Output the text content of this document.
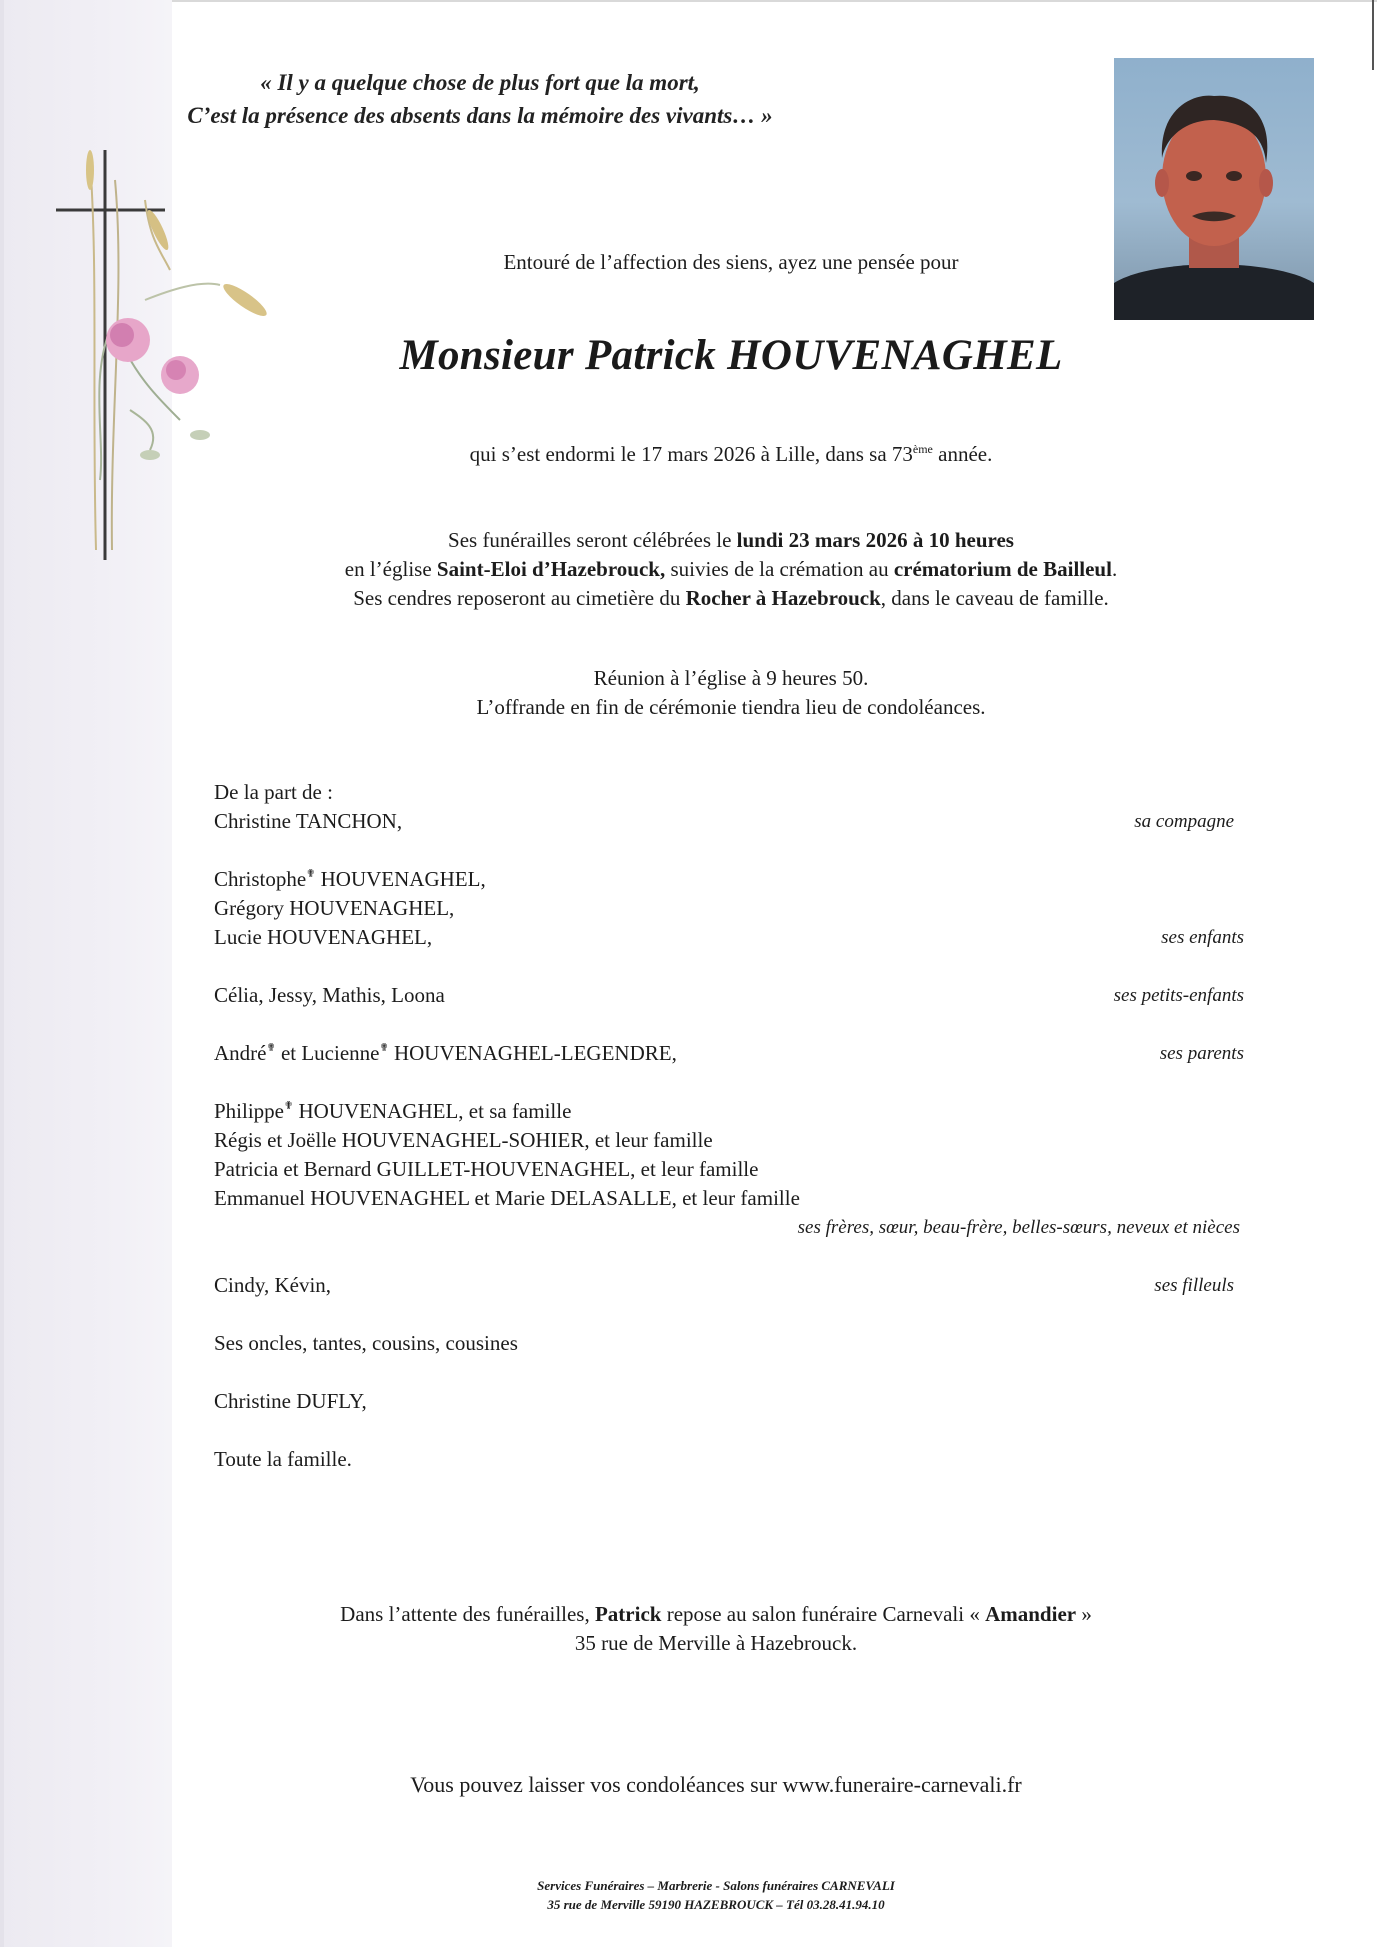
« Il y a quelque chose de plus fort que la mort,
C’est la présence des absents dans la mémoire des vivants… »
Entouré de l’affection des siens, ayez une pensée pour
Monsieur Patrick HOUVENAGHEL
qui s’est endormi le 17 mars 2026 à Lille, dans sa 73ème année.
Ses funérailles seront célébrées le lundi 23 mars 2026 à 10 heures
en l’église Saint-Eloi d’Hazebrouck, suivies de la crémation au crématorium de Bailleul.
Ses cendres reposeront au cimetière du Rocher à Hazebrouck, dans le caveau de famille.
Réunion à l’église à 9 heures 50.
L’offrande en fin de cérémonie tiendra lieu de condoléances.
De la part de :
Christine TANCHON,	sa compagne
Christophe✟ HOUVENAGHEL,
Grégory HOUVENAGHEL,
Lucie HOUVENAGHEL,	ses enfants
Célia, Jessy, Mathis, Loona	ses petits-enfants
André✟ et Lucienne✟ HOUVENAGHEL-LEGENDRE,	ses parents
Philippe✟ HOUVENAGHEL, et sa famille
Régis et Joëlle HOUVENAGHEL-SOHIER, et leur famille
Patricia et Bernard GUILLET-HOUVENAGHEL, et leur famille
Emmanuel HOUVENAGHEL et Marie DELASALLE, et leur famille
ses frères, sœur, beau-frère, belles-sœurs, neveux et nièces
Cindy, Kévin,	ses filleuls
Ses oncles, tantes, cousins, cousines
Christine DUFLY,
Toute la famille.
Dans l’attente des funérailles, Patrick repose au salon funéraire Carnevali « Amandier »
35 rue de Merville à Hazebrouck.
Vous pouvez laisser vos condoléances sur www.funeraire-carnevali.fr
Services Funéraires – Marbrerie - Salons funéraires CARNEVALI
35 rue de Merville 59190 HAZEBROUCK – Tél 03.28.41.94.10
